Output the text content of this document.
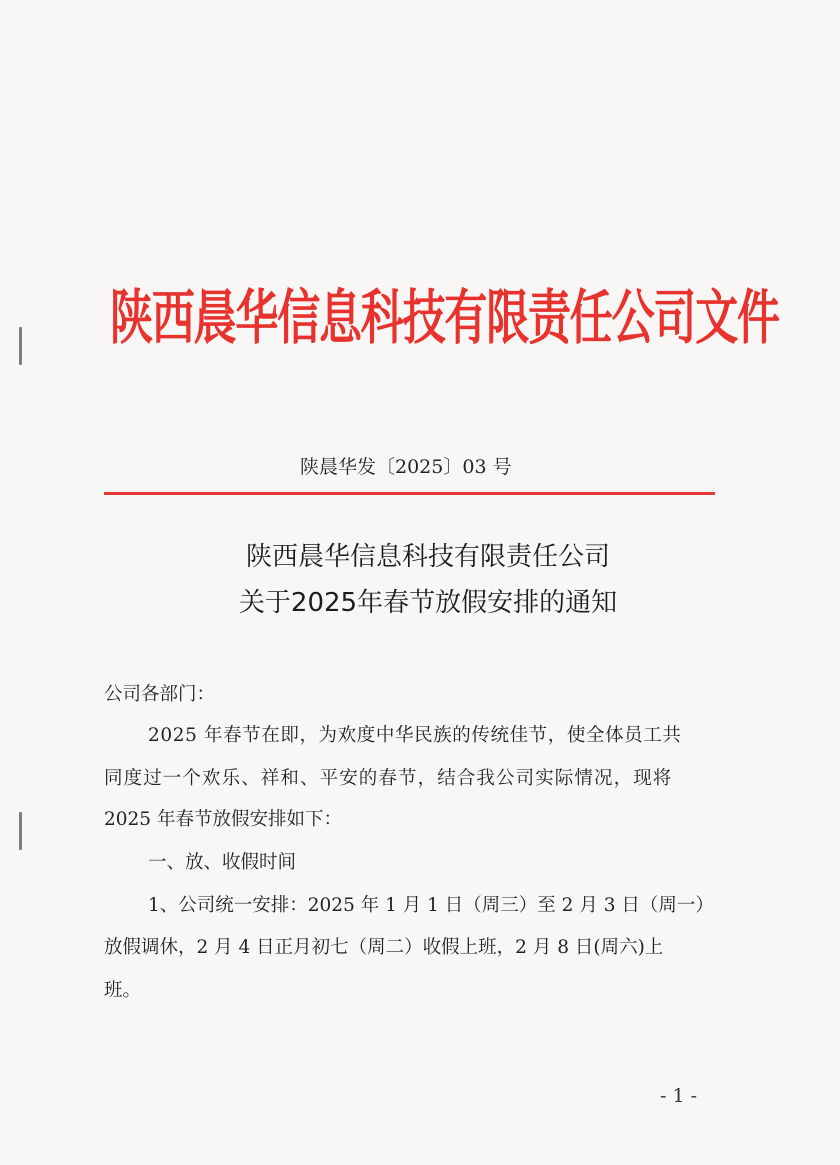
陕西晨华信息科技有限责任公司文件
陕晨华发〔2025〕03 号
陕西晨华信息科技有限责任公司
关于2025年春节放假安排的通知
公司各部门：
2025 年春节在即，为欢度中华民族的传统佳节，使全体员工共
同度过一个欢乐、祥和、平安的春节，结合我公司实际情况，现将
2025 年春节放假安排如下：
一、放、收假时间
1、公司统一安排：2025 年 1 月 1 日（周三）至 2 月 3 日（周一）
放假调休，2 月 4 日正月初七（周二）收假上班，2 月 8 日(周六)上
班。
- 1 -
